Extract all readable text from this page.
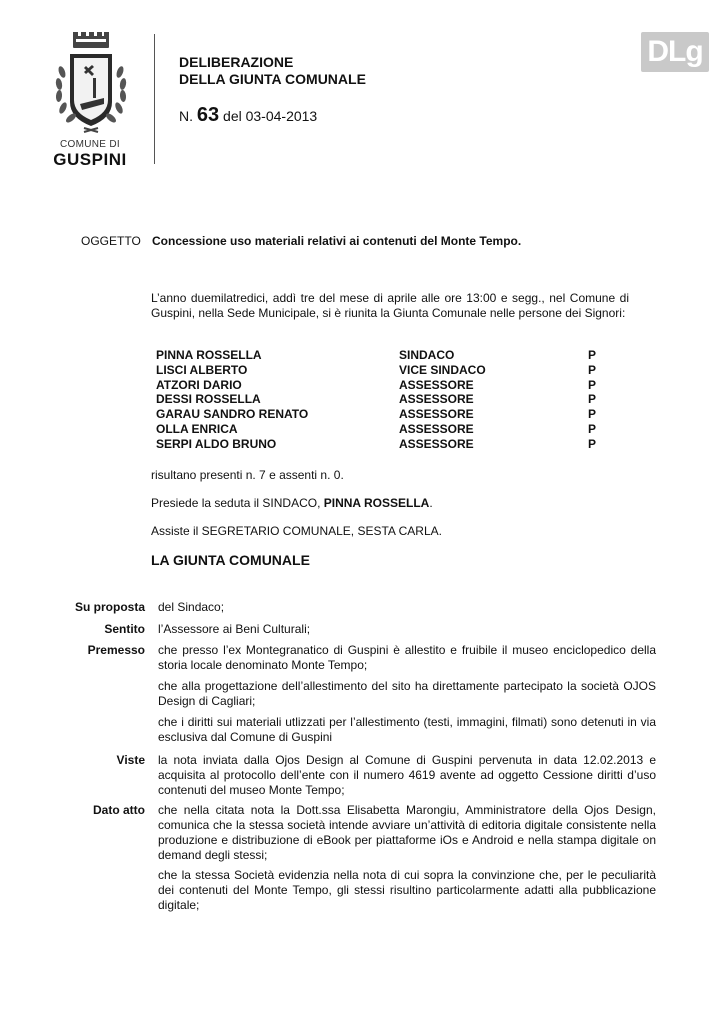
COMUNE DI
GUSPINI
DELIBERAZIONE
DELLA GIUNTA COMUNALE
N. 63 del 03-04-2013
DLg
OGGETTO Concessione uso materiali relativi ai contenuti del Monte Tempo.
L’anno duemilatredici, addì tre del mese di aprile alle ore 13:00 e segg., nel Comune di Guspini, nella Sede Municipale, si è riunita la Giunta Comunale nelle persone dei Signori:
PINNA ROSSELLA	SINDACO	P
LISCI ALBERTO	VICE SINDACO	P
ATZORI DARIO	ASSESSORE	P
DESSI ROSSELLA	ASSESSORE	P
GARAU SANDRO RENATO	ASSESSORE	P
OLLA ENRICA	ASSESSORE	P
SERPI ALDO BRUNO	ASSESSORE	P
risultano presenti n. 7 e assenti n. 0.
Presiede la seduta il SINDACO, PINNA ROSSELLA.
Assiste il SEGRETARIO COMUNALE, SESTA CARLA.
LA GIUNTA COMUNALE
Su proposta del Sindaco;
Sentito l’Assessore ai Beni Culturali;
Premesso che presso l’ex Montegranatico di Guspini è allestito e fruibile il museo enciclopedico della storia locale denominato Monte Tempo;
che alla progettazione dell’allestimento del sito ha direttamente partecipato la società OJOS Design di Cagliari;
che i diritti sui materiali utlizzati per l’allestimento (testi, immagini, filmati) sono detenuti in via esclusiva dal Comune di Guspini
Viste la nota inviata dalla Ojos Design al Comune di Guspini pervenuta in data 12.02.2013 e acquisita al protocollo dell’ente con il numero 4619 avente ad oggetto Cessione diritti d’uso contenuti del museo Monte Tempo;
Dato atto che nella citata nota la Dott.ssa Elisabetta Marongiu, Amministratore della Ojos Design, comunica che la stessa società intende avviare un’attività di editoria digitale consistente nella produzione e distribuzione di eBook per piattaforme iOs e Android e nella stampa digitale on demand degli stessi;
che la stessa Società evidenzia nella nota di cui sopra la convinzione che, per le peculiarità dei contenuti del Monte Tempo, gli stessi risultino particolarmente adatti alla pubblicazione digitale;
